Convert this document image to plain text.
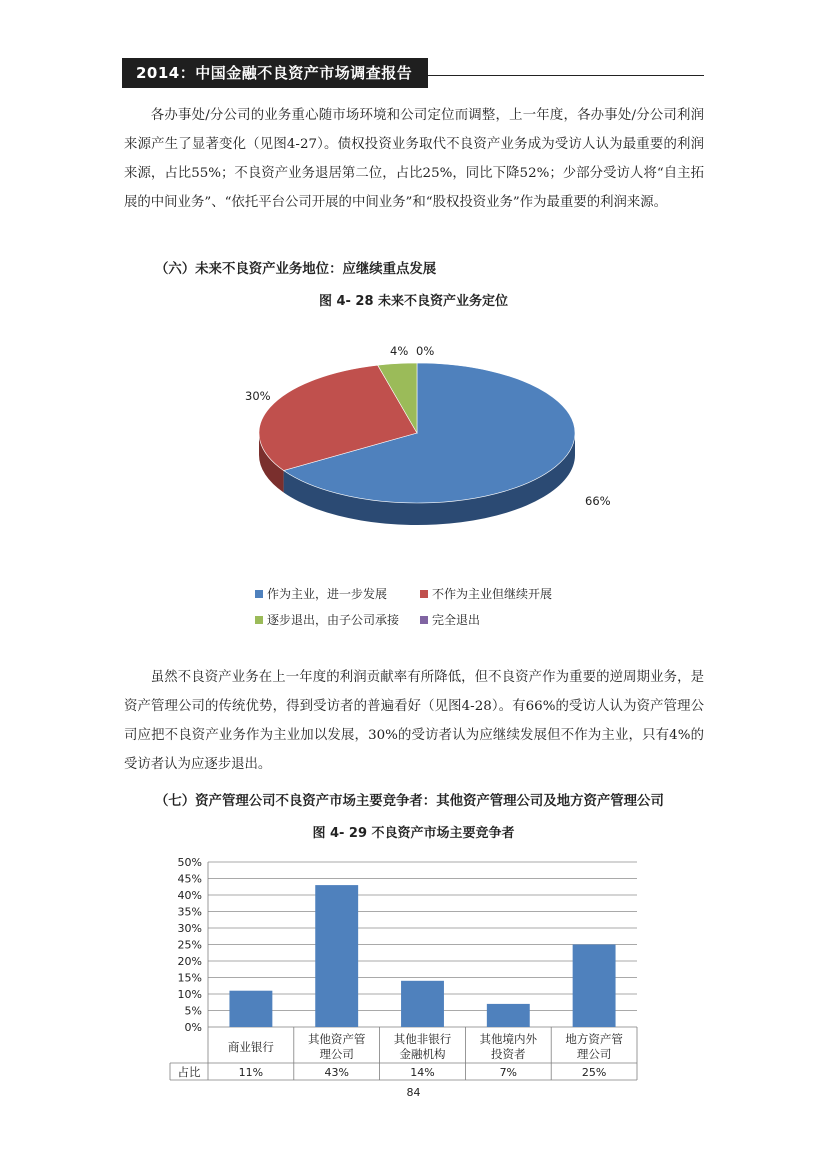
2014：中国金融不良资产市场调查报告

各办事处/分公司的业务重心随市场环境和公司定位而调整，上一年度，各办事处/分公司利润来源产生了显著变化（见图4-27）。债权投资业务取代不良资产业务成为受访人认为最重要的利润来源，占比55%；不良资产业务退居第二位，占比25%，同比下降52%；少部分受访人将“自主拓展的中间业务”、“依托平台公司开展的中间业务”和“股权投资业务”作为最重要的利润来源。

（六）未来不良资产业务地位：应继续重点发展
图 4- 28 未来不良资产业务定位
66%
30%
4% 0%
作为主业，进一步发展	不作为主业但继续开展
逐步退出，由子公司承接	完全退出

虽然不良资产业务在上一年度的利润贡献率有所降低，但不良资产作为重要的逆周期业务，是资产管理公司的传统优势，得到受访者的普遍看好（见图4-28）。有66%的受访人认为资产管理公司应把不良资产业务作为主业加以发展，30%的受访者认为应继续发展但不作为主业，只有4%的受访者认为应逐步退出。

（七）资产管理公司不良资产市场主要竞争者：其他资产管理公司及地方资产管理公司
图 4- 29 不良资产市场主要竞争者
0%
5%
10%
15%
20%
25%
30%
35%
40%
45%
50%
占比
商业银行
11%
其他资产管
理公司
43%
其他非银行
金融机构
14%
其他境内外
投资者
7%
地方资产管
理公司
25%
84
